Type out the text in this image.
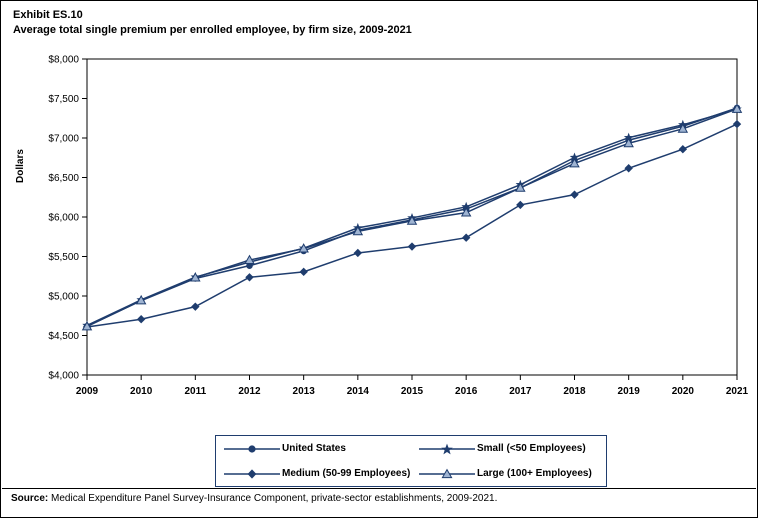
Exhibit ES.10
Average total single premium per enrolled employee, by firm size, 2009-2021
Dollars
$4,000
$4,500
$5,000
$5,500
$6,000
$6,500
$7,000
$7,500
$8,000
2009	2010	2011	2012	2013	2014	2015	2016	2017	2018	2019	2020	2021
United States	Small (<50 Employees)
Medium (50-99 Employees)	Large (100+ Employees)
Source: Medical Expenditure Panel Survey-Insurance Component, private-sector establishments, 2009-2021.
